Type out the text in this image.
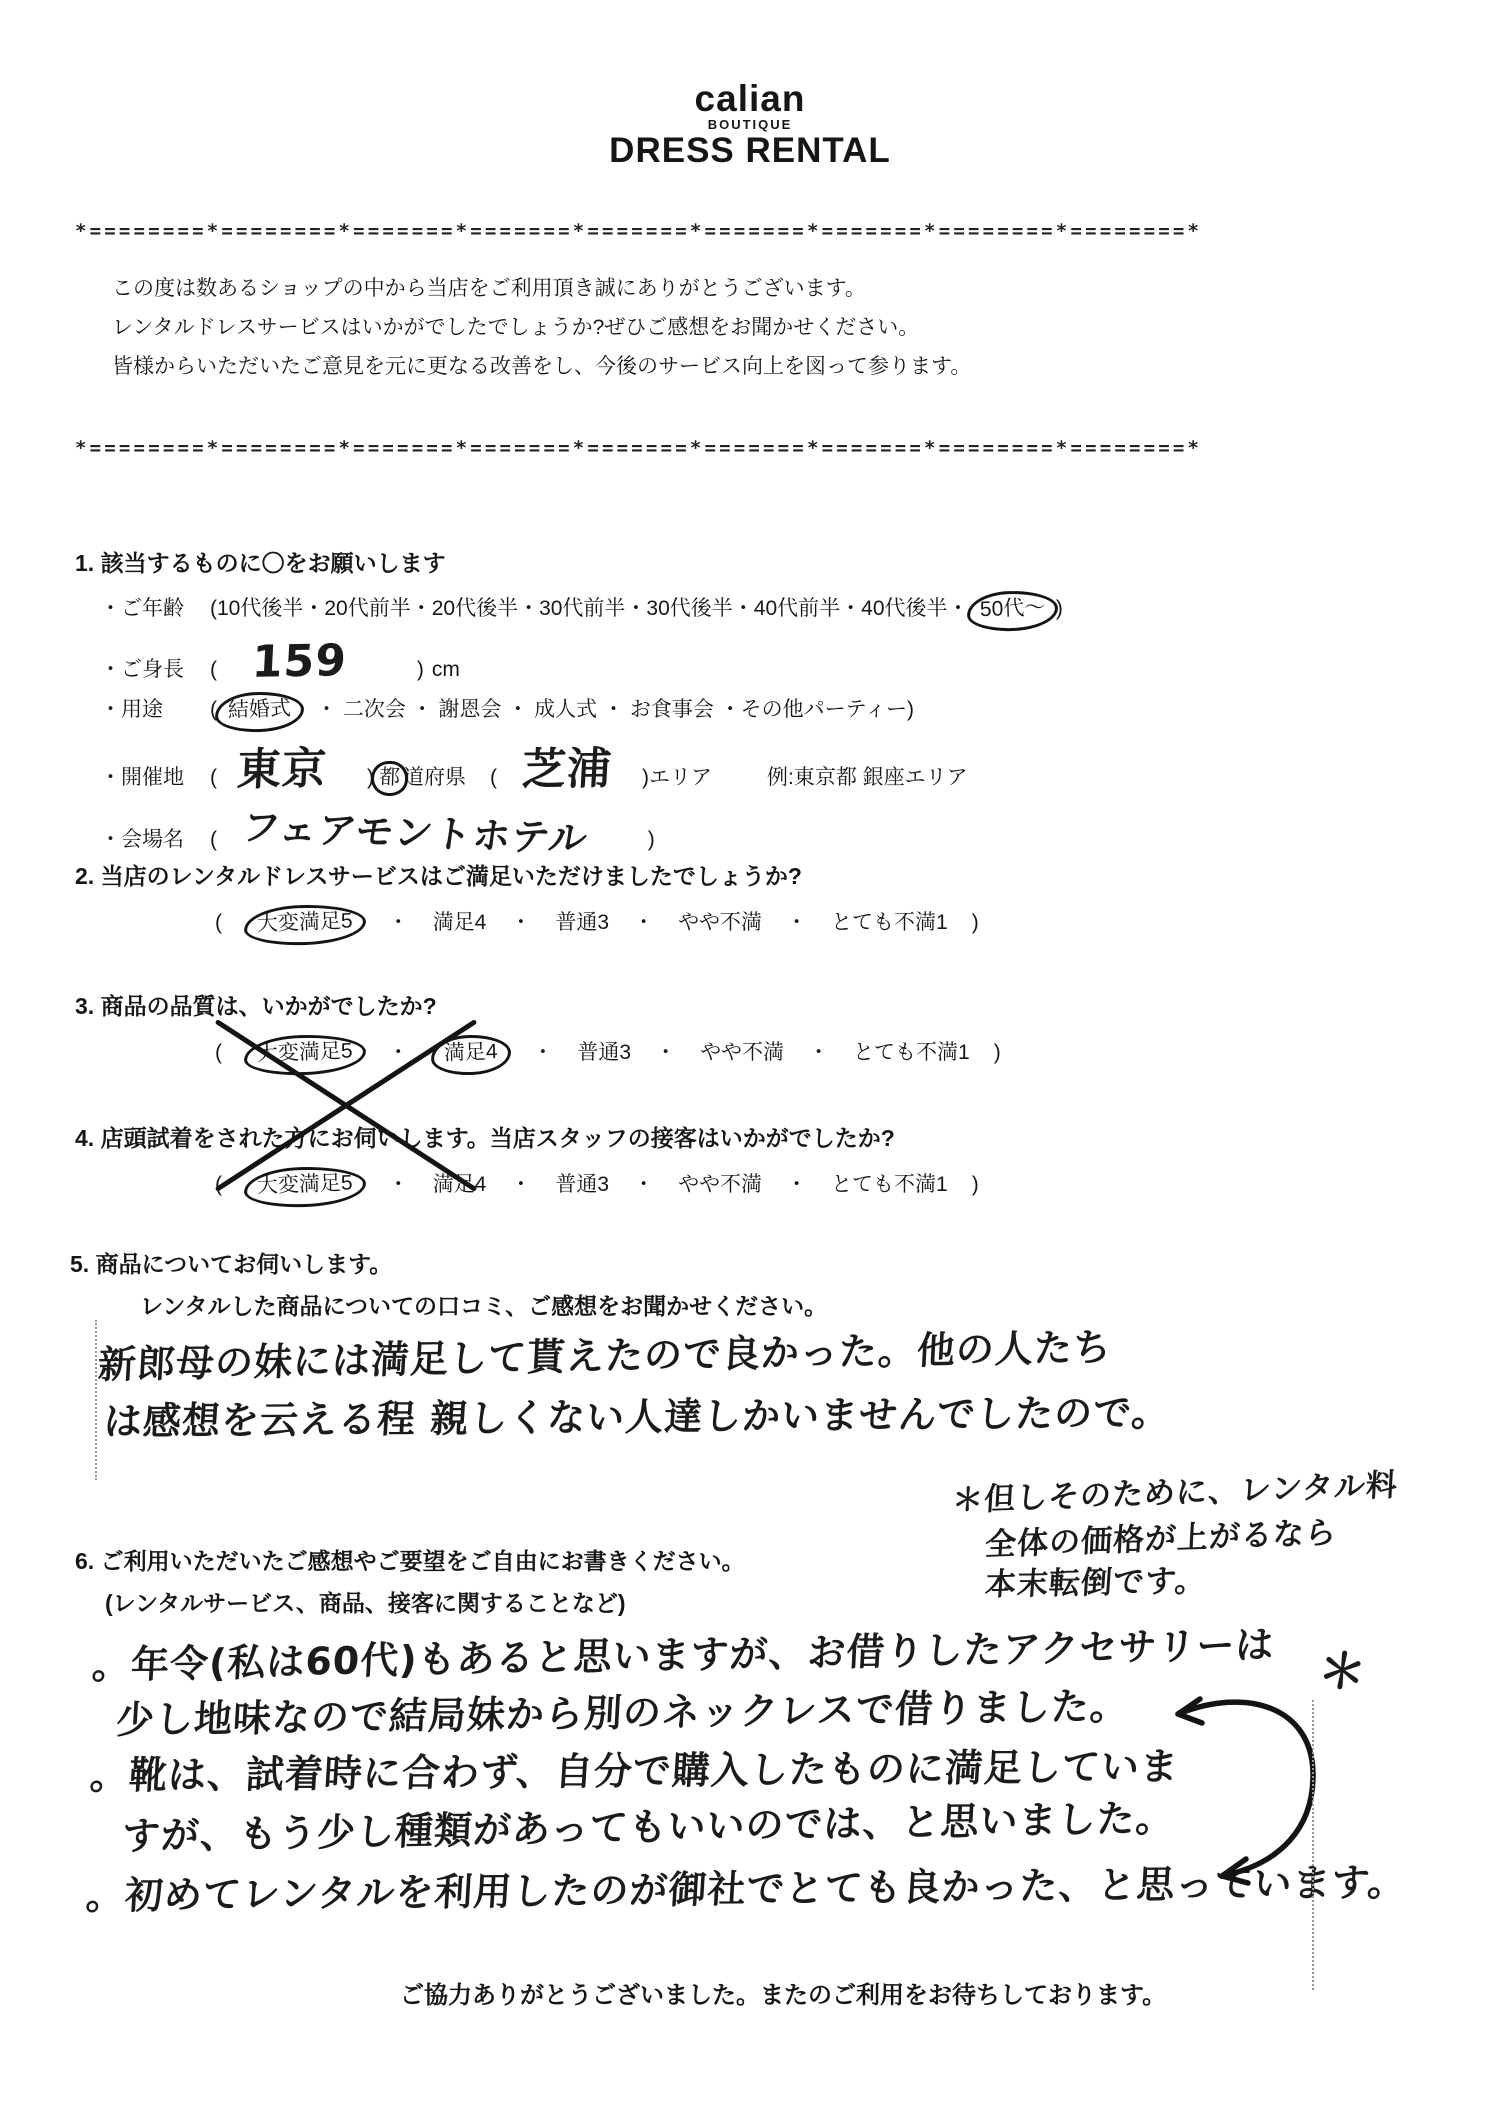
calian
BOUTIQUE
DRESS RENTAL
*========*========*=======*=======*=======*=======*=======*========*========*
この度は数あるショップの中から当店をご利用頂き誠にありがとうございます。
レンタルドレスサービスはいかがでしたでしょうか?ぜひご感想をお聞かせください。
皆様からいただいたご意見を元に更なる改善をし、今後のサービス向上を図って参ります。
*========*========*=======*=======*=======*=======*=======*========*========*
1. 該当するものに〇をお願いします
・ご年齢	(10代後半・20代前半・20代後半・30代前半・30代後半・40代前半・40代後半・ 50代〜 )
・ご身長	( 159	) cm
・用途	( 結婚式	・ 二次会 ・ 謝恩会 ・ 成人式 ・ お食事会 ・その他パーティー)
・開催地	( 東京 ) 都 道府県 ( 芝浦 ) エリア	例:東京都 銀座エリア
・会場名	( フェアモントホテル	)
2. 当店のレンタルドレスサービスはご満足いただけましたでしょうか?
(	大変満足5	・ 満足4 ・ 普通3 ・ やや不満 ・ とても不満1 )
3. 商品の品質は、いかがでしたか?
(	大変満足5	・	満足4	・ 普通3 ・ やや不満 ・ とても不満1 )
4. 店頭試着をされた方にお伺いします。当店スタッフの接客はいかがでしたか?
(	大変満足5	・ 満足4 ・ 普通3 ・ やや不満 ・ とても不満1 )
5. 商品についてお伺いします。
レンタルした商品についての口コミ、ご感想をお聞かせください。
新郎母の妹には満足して貰えたので良かった。他の人たち
は感想を云える程 親しくない人達しかいませんでしたので。
＊但しそのために、レンタル料
全体の価格が上がるなら
本末転倒です。
6. ご利用いただいたご感想やご要望をご自由にお書きください。
(レンタルサービス、商品、接客に関することなど)
。年令(私は60代)もあると思いますが、お借りしたアクセサリーは
少し地味なので結局妹から別のネックレスで借りました。
。靴は、試着時に合わず、自分で購入したものに満足していま
すが、もう少し種類があってもいいのでは、と思いました。
。初めてレンタルを利用したのが御社でとても良かった、と思っています。
＊
ご協力ありがとうございました。またのご利用をお待ちしております。
